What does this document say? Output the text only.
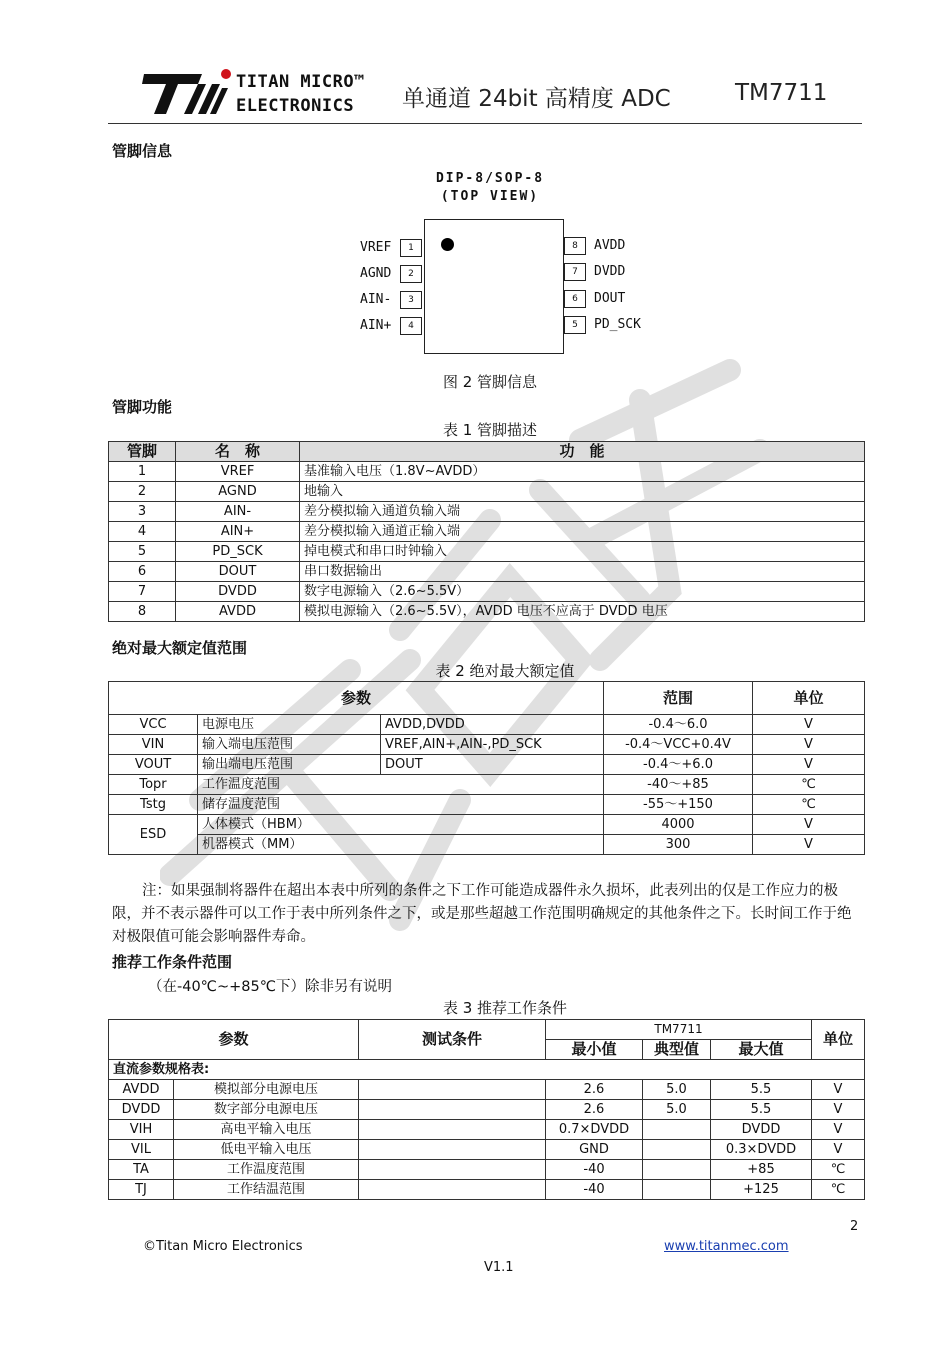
TITAN MICRO™
ELECTRONICS	单通道 24bit 高精度 ADC	TM7711
管脚信息
DIP-8/SOP-8
(TOP VIEW)
VREF	1
AGND	2
AIN-	3
AIN+	4
8	AVDD
7	DVDD
6	DOUT
5	PD_SCK
图 2 管脚信息
管脚功能
表 1 管脚描述
管脚	名　称	功　能
1	VREF	基准输入电压（1.8V~AVDD）
2	AGND	地输入
3	AIN-	差分模拟输入通道负输入端
4	AIN+	差分模拟输入通道正输入端
5	PD_SCK	掉电模式和串口时钟输入
6	DOUT	串口数据输出
7	DVDD	数字电源输入（2.6~5.5V）
8	AVDD	模拟电源输入（2.6~5.5V），AVDD 电压不应高于 DVDD 电压
绝对最大额定值范围
表 2 绝对最大额定值
参数			范围	单位
VCC	电源电压	AVDD,DVDD	-0.4～6.0	V
VIN	输入端电压范围	VREF,AIN+,AIN-,PD_SCK	-0.4～VCC+0.4V	V
VOUT	输出端电压范围	DOUT	-0.4～+6.0	V
Topr	工作温度范围		-40～+85	℃
Tstg	储存温度范围		-55～+150	℃
ESD	人体模式（HBM）		4000	V
	机器模式（MM）		300	V
注：如果强制将器件在超出本表中所列的条件之下工作可能造成器件永久损坏，此表列出的仅是工作应力的极限，并不表示器件可以工作于表中所列条件之下，或是那些超越工作范围明确规定的其他条件之下。长时间工作于绝对极限值可能会影响器件寿命。
推荐工作条件范围
（在-40℃~+85℃下）除非另有说明
表 3 推荐工作条件
参数		测试条件	TM7711			单位
			最小值	典型值	最大值	
直流参数规格表:						
AVDD	模拟部分电源电压		2.6	5.0	5.5	V
DVDD	数字部分电源电压		2.6	5.0	5.5	V
VIH	高电平输入电压		0.7×DVDD		DVDD	V
VIL	低电平输入电压		GND		0.3×DVDD	V
TA	工作温度范围		-40		+85	℃
TJ	工作结温范围		-40		+125	℃
2
©Titan Micro Electronics	www.titanmec.com
V1.1
